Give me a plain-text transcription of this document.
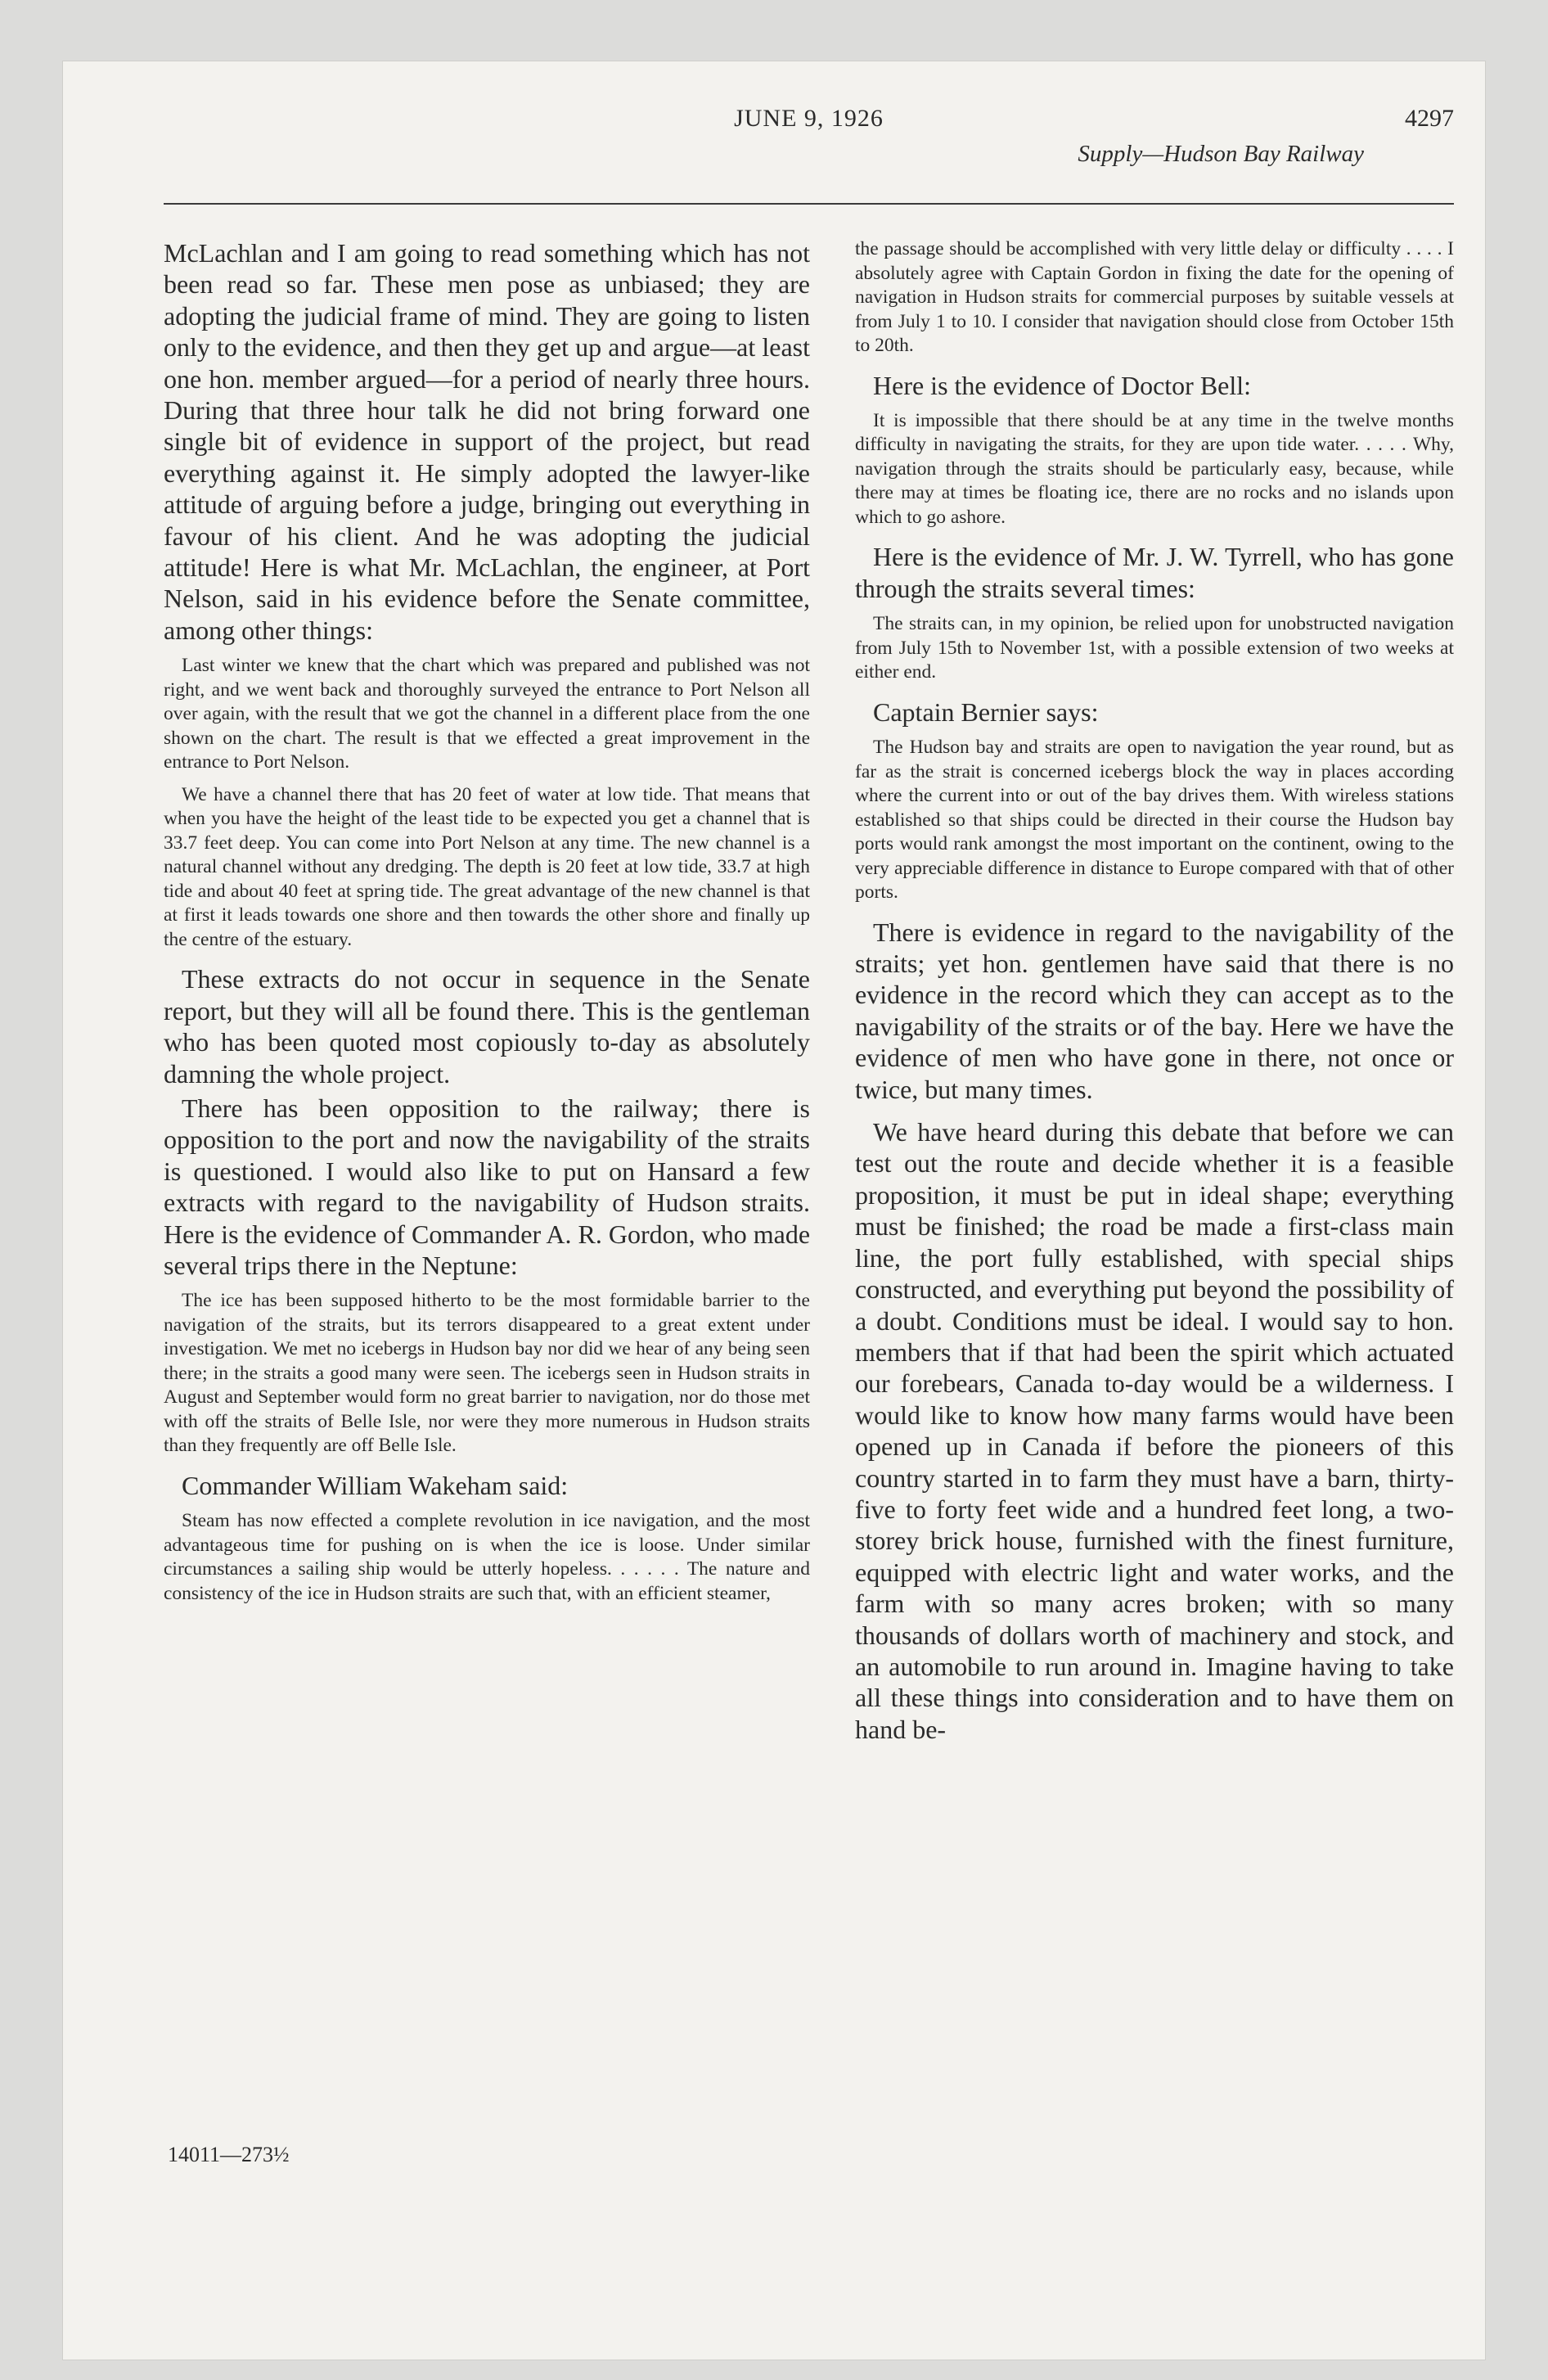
JUNE 9, 1926	4297
Supply—Hudson Bay Railway

McLachlan and I am going to read something which has not been read so far. These men pose as unbiased; they are adopting the judicial frame of mind. They are going to listen only to the evidence, and then they get up and argue—at least one hon. member argued—for a period of nearly three hours. During that three hour talk he did not bring forward one single bit of evidence in support of the project, but read everything against it. He simply adopted the lawyer-like attitude of arguing before a judge, bringing out everything in favour of his client. And he was adopting the judicial attitude! Here is what Mr. McLachlan, the engineer, at Port Nelson, said in his evidence before the Senate committee, among other things:

Last winter we knew that the chart which was prepared and published was not right, and we went back and thoroughly surveyed the entrance to Port Nelson all over again, with the result that we got the channel in a different place from the one shown on the chart. The result is that we effected a great improvement in the entrance to Port Nelson.

We have a channel there that has 20 feet of water at low tide. That means that when you have the height of the least tide to be expected you get a channel that is 33.7 feet deep. You can come into Port Nelson at any time. The new channel is a natural channel without any dredging. The depth is 20 feet at low tide, 33.7 at high tide and about 40 feet at spring tide. The great advantage of the new channel is that at first it leads towards one shore and then towards the other shore and finally up the centre of the estuary.

These extracts do not occur in sequence in the Senate report, but they will all be found there. This is the gentleman who has been quoted most copiously to-day as absolutely damning the whole project.

There has been opposition to the railway; there is opposition to the port and now the navigability of the straits is questioned. I would also like to put on Hansard a few extracts with regard to the navigability of Hudson straits. Here is the evidence of Commander A. R. Gordon, who made several trips there in the Neptune:

The ice has been supposed hitherto to be the most formidable barrier to the navigation of the straits, but its terrors disappeared to a great extent under investigation. We met no icebergs in Hudson bay nor did we hear of any being seen there; in the straits a good many were seen. The icebergs seen in Hudson straits in August and September would form no great barrier to navigation, nor do those met with off the straits of Belle Isle, nor were they more numerous in Hudson straits than they frequently are off Belle Isle.

Commander William Wakeham said:

Steam has now effected a complete revolution in ice navigation, and the most advantageous time for pushing on is when the ice is loose. Under similar circumstances a sailing ship would be utterly hopeless. . . . . . The nature and consistency of the ice in Hudson straits are such that, with an efficient steamer,

14011—273½

the passage should be accomplished with very little delay or difficulty . . . . I absolutely agree with Captain Gordon in fixing the date for the opening of navigation in Hudson straits for commercial purposes by suitable vessels at from July 1 to 10. I consider that navigation should close from October 15th to 20th.

Here is the evidence of Doctor Bell:

It is impossible that there should be at any time in the twelve months difficulty in navigating the straits, for they are upon tide water. . . . . Why, navigation through the straits should be particularly easy, because, while there may at times be floating ice, there are no rocks and no islands upon which to go ashore.

Here is the evidence of Mr. J. W. Tyrrell, who has gone through the straits several times:

The straits can, in my opinion, be relied upon for unobstructed navigation from July 15th to November 1st, with a possible extension of two weeks at either end.

Captain Bernier says:

The Hudson bay and straits are open to navigation the year round, but as far as the strait is concerned icebergs block the way in places according where the current into or out of the bay drives them. With wireless stations established so that ships could be directed in their course the Hudson bay ports would rank amongst the most important on the continent, owing to the very appreciable difference in distance to Europe compared with that of other ports.

There is evidence in regard to the navigability of the straits; yet hon. gentlemen have said that there is no evidence in the record which they can accept as to the navigability of the straits or of the bay. Here we have the evidence of men who have gone in there, not once or twice, but many times.

We have heard during this debate that before we can test out the route and decide whether it is a feasible proposition, it must be put in ideal shape; everything must be finished; the road be made a first-class main line, the port fully established, with special ships constructed, and everything put beyond the possibility of a doubt. Conditions must be ideal. I would say to hon. members that if that had been the spirit which actuated our forebears, Canada to-day would be a wilderness. I would like to know how many farms would have been opened up in Canada if before the pioneers of this country started in to farm they must have a barn, thirty-five to forty feet wide and a hundred feet long, a two-storey brick house, furnished with the finest furniture, equipped with electric light and water works, and the farm with so many acres broken; with so many thousands of dollars worth of machinery and stock, and an automobile to run around in. Imagine having to take all these things into consideration and to have them on hand be-
